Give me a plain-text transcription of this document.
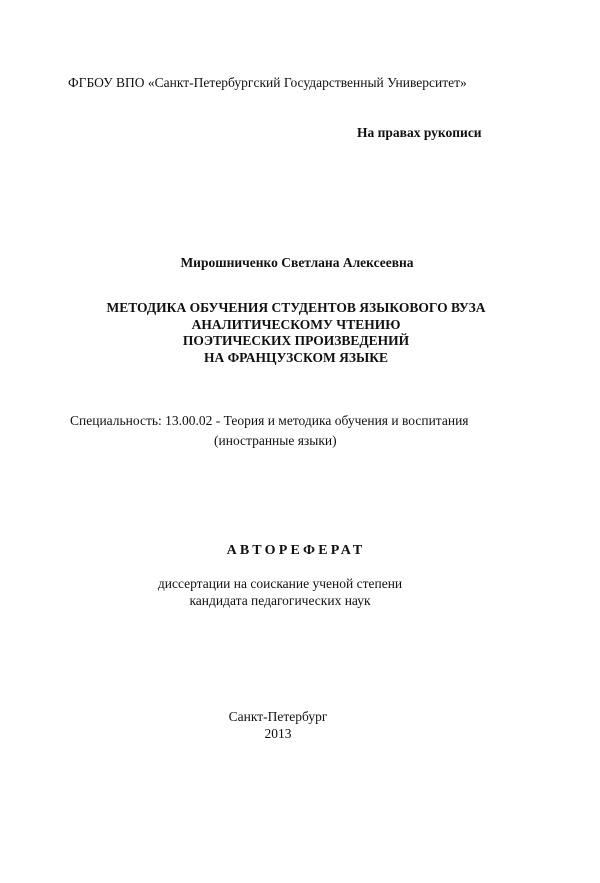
ФГБОУ ВПО «Санкт-Петербургский Государственный Университет»
На правах рукописи
Мирошниченко Светлана Алексеевна
МЕТОДИКА ОБУЧЕНИЯ СТУДЕНТОВ ЯЗЫКОВОГО ВУЗА
АНАЛИТИЧЕСКОМУ ЧТЕНИЮ
ПОЭТИЧЕСКИХ ПРОИЗВЕДЕНИЙ
НА ФРАНЦУЗСКОМ ЯЗЫКЕ
Специальность: 13.00.02 - Теория и методика обучения и воспитания
(иностранные языки)
АВТОРЕФЕРАТ
диссертации на соискание ученой степени
кандидата педагогических наук
Санкт-Петербург
2013
